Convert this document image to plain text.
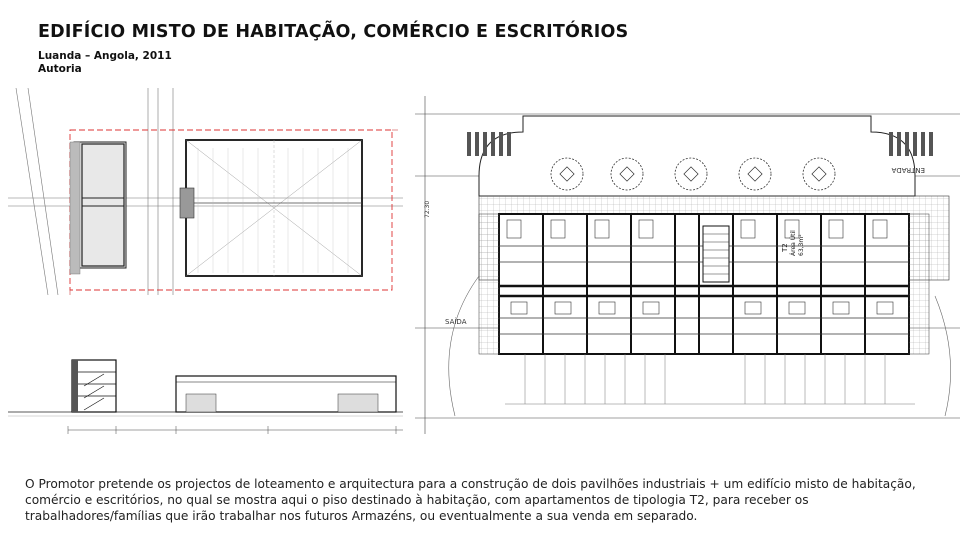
EDIFÍCIO MISTO DE HABITAÇÃO, COMÉRCIO E ESCRITÓRIOS
Luanda – Angola, 2011
Autoria
ENTRADA
SAÍDA
T2 Área Útil 63,3m²
72.30

O Promotor pretende os projectos de loteamento e arquitectura para a construção de dois pavilhões industriais + um edifício misto de habitação, comércio e escritórios, no qual se mostra aqui o piso destinado à habitação, com apartamentos de tipologia T2, para receber os trabalhadores/famílias que irão trabalhar nos futuros Armazéns, ou eventualmente a sua venda em separado.
